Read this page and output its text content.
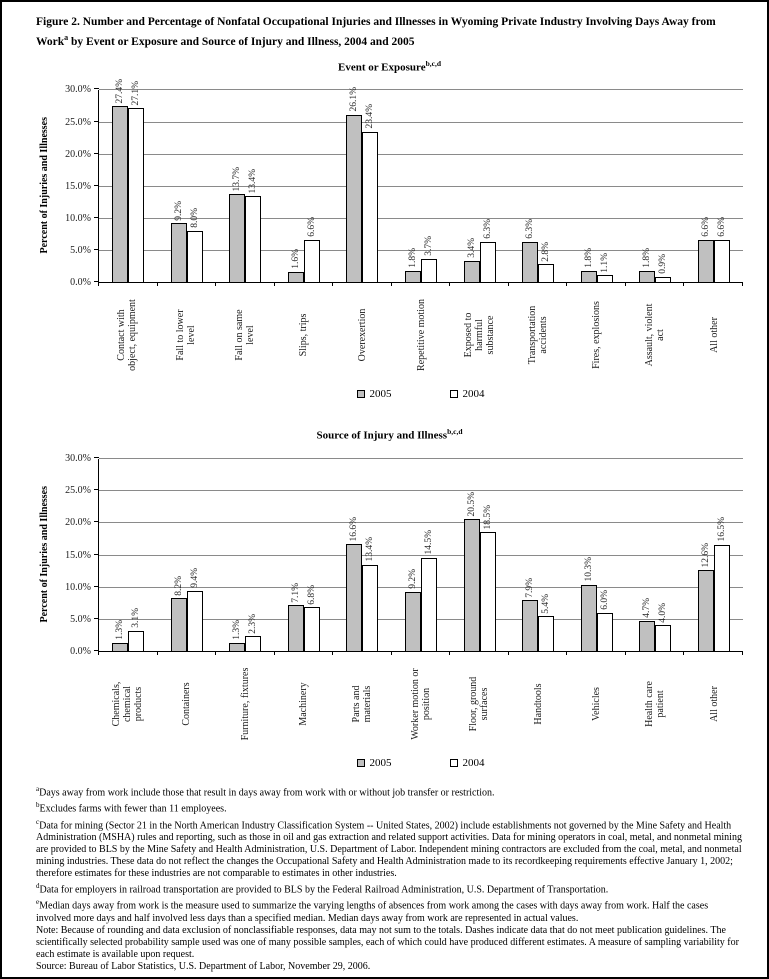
Figure 2. Number and Percentage of Nonfatal Occupational Injuries and Illnesses in Wyoming Private Industry Involving Days Away from Work$^a$ by Event or Exposure and Source of Injury and Illness, 2004 and 2005
Event or Exposure$^{b,c,d}$
Percent of Injuries and Illnesses
0.0%
5.0%
10.0%
15.0%
20.0%
25.0%
30.0%	27.4% 27.1%
9.2% 8.0%
13.7% 13.4%
1.6%
6.6%
26.1%
23.4%
1.8%
3.7%	3.4%
6.3%	6.3%
2.8%	1.8% 1.1%	1.8% 0.9%
6.6% 6.6%
Contact with object, equipment	Fall to lower level	Fall on same level	Slips, trips	Overexertion	Repetitive motion	Exposed to harmful substance	Transportation accidents	Fires, explosions	Assault, violent act	All other
2005	2004
Source of Injury and Illness$^{b,c,d}$
Percent of Injuries and Illnesses
0.0%
5.0%
10.0%
15.0%
20.0%
25.0%
30.0%
1.3%
3.1%
8.2% 9.4%
1.3% 2.3%
7.1% 6.8%
16.6%
13.4%
9.2%
14.5%
20.5%
18.5%
7.9%
5.4%
10.3%
6.0%	4.7% 4.0%
12.6%
16.5%
Chemicals, chemical products	Containers	Furniture, fixtures	Machinery	Parts and materials	Worker motion or position	Floor, ground surfaces	Handtools	Vehicles	Health care patient	All other
2005	2004
$^a$Days away from work include those that result in days away from work with or without job transfer or restriction.
$^b$Excludes farms with fewer than 11 employees.
$^c$Data for mining (Sector 21 in the North American Industry Classification System -- United States, 2002) include establishments not governed by the Mine Safety and Health Administration (MSHA) rules and reporting, such as those in oil and gas extraction and related support activities. Data for mining operators in coal, metal, and nonmetal mining are provided to BLS by the Mine Safety and Health Administration, U.S. Department of Labor. Independent mining contractors are excluded from the coal, metal, and nonmetal mining industries. These data do not reflect the changes the Occupational Safety and Health Administration made to its recordkeeping requirements effective January 1, 2002; therefore estimates for these industries are not comparable to estimates in other industries.
$^d$Data for employers in railroad transportation are provided to BLS by the Federal Railroad Administration, U.S. Department of Transportation.
$^e$Median days away from work is the measure used to summarize the varying lengths of absences from work among the cases with days away from work. Half the cases involved more days and half involved less days than a specified median. Median days away from work are represented in actual values.
Note: Because of rounding and data exclusion of nonclassifiable responses, data may not sum to the totals. Dashes indicate data that do not meet publication guidelines. The scientifically selected probability sample used was one of many possible samples, each of which could have produced different estimates. A measure of sampling variability for each estimate is available upon request.
Source: Bureau of Labor Statistics, U.S. Department of Labor, November 29, 2006.
